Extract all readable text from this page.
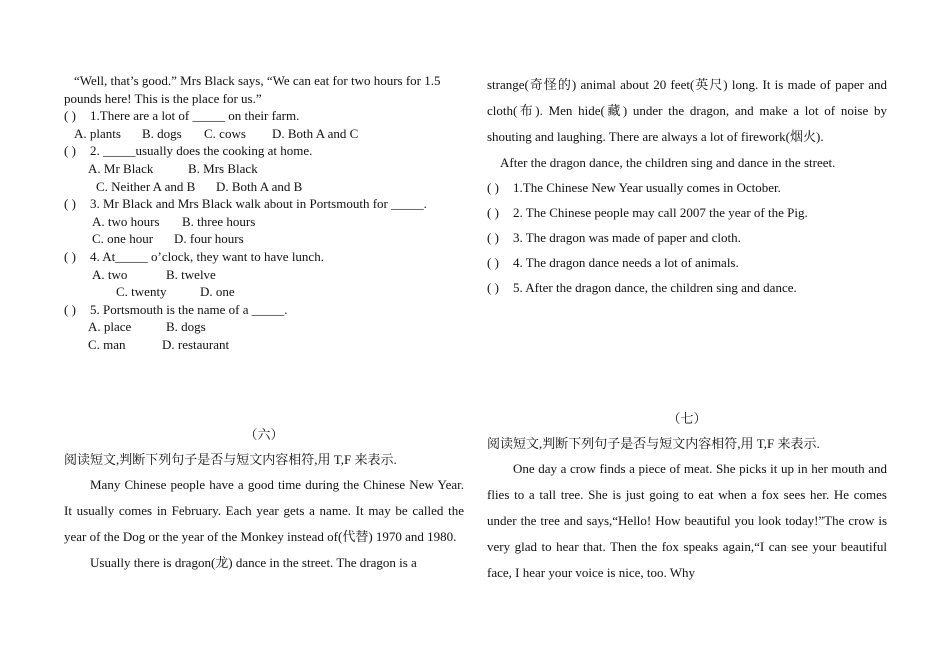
“Well, that’s good.” Mrs Black says, “We can eat for two hours for 1.5
pounds here! This is the place for us.”
( ) 1.There are a lot of _____ on their farm.
A. plants B. dogs C. cows D. Both A and C
( ) 2. _____usually does the cooking at home.
A. Mr Black	B. Mrs Black
C. Neither A and B D. Both A and B
( ) 3. Mr Black and Mrs Black walk about in Portsmouth for _____.
A. two hours B. three hours
C. one hour D. four hours
( ) 4. At_____ o’clock, they want to have lunch.
A. two	B. twelve
C. twenty	D. one
( ) 5. Portsmouth is the name of a _____.
A. place	B. dogs
C. man	D. restaurant
strange(奇怪的) animal about 20 feet(英尺) long. It is made of paper and cloth(布). Men hide(藏) under the dragon, and make a lot of noise by shouting and laughing. There are always a lot of firework(烟火).
After the dragon dance, the children sing and dance in the street.
( ) 1.The Chinese New Year usually comes in October.
( ) 2. The Chinese people may call 2007 the year of the Pig.
( ) 3. The dragon was made of paper and cloth.
( ) 4. The dragon dance needs a lot of animals.
( ) 5. After the dragon dance, the children sing and dance.
（六）
阅读短文,判断下列句子是否与短文内容相符,用 T,F 来表示.
Many Chinese people have a good time during the Chinese New Year. It usually comes in February. Each year gets a name. It may be called the year of the Dog or the year of the Monkey instead of(代替) 1970 and 1980.
Usually there is dragon(龙) dance in the street. The dragon is a
（七）
阅读短文,判断下列句子是否与短文内容相符,用 T,F 来表示.
One day a crow finds a piece of meat. She picks it up in her mouth and flies to a tall tree. She is just going to eat when a fox sees her. He comes under the tree and says,“Hello! How beautiful you look today!”The crow is very glad to hear that. Then the fox speaks again,“I can see your beautiful face, I hear your voice is nice, too. Why
